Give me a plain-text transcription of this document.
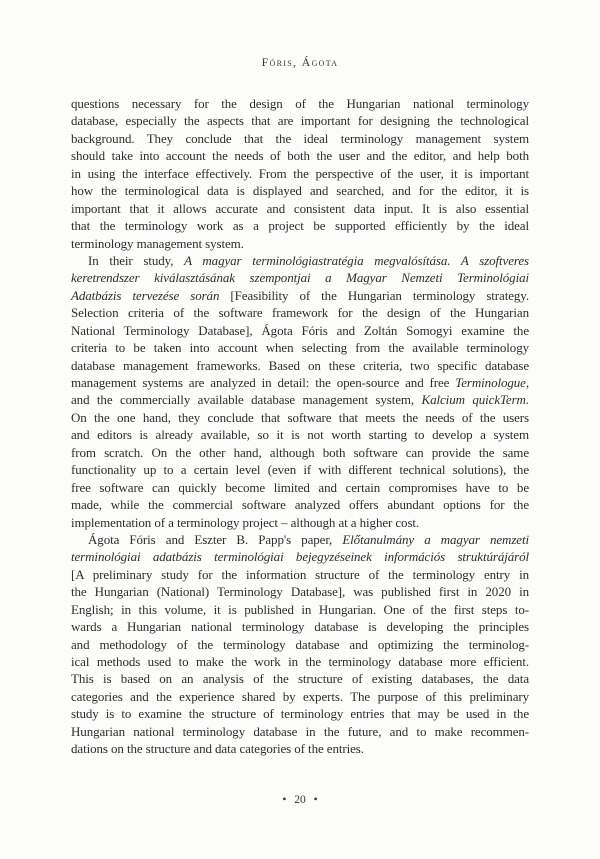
Fóris, Ágota
questions necessary for the design of the Hungarian national terminology
database, especially the aspects that are important for designing the technological
background. They conclude that the ideal terminology management system
should take into account the needs of both the user and the editor, and help both
in using the interface effectively. From the perspective of the user, it is important
how the terminological data is displayed and searched, and for the editor, it is
important that it allows accurate and consistent data input. It is also essential
that the terminology work as a project be supported efficiently by the ideal
terminology management system.
In their study, A magyar terminológiastratégia megvalósítása. A szoftveres
keretrendszer kiválasztásának szempontjai a Magyar Nemzeti Terminológiai
Adatbázis tervezése során [Feasibility of the Hungarian terminology strategy.
Selection criteria of the software framework for the design of the Hungarian
National Terminology Database], Ágota Fóris and Zoltán Somogyi examine the
criteria to be taken into account when selecting from the available terminology
database management frameworks. Based on these criteria, two specific database
management systems are analyzed in detail: the open-source and free Terminologue,
and the commercially available database management system, Kalcium quickTerm.
On the one hand, they conclude that software that meets the needs of the users
and editors is already available, so it is not worth starting to develop a system
from scratch. On the other hand, although both software can provide the same
functionality up to a certain level (even if with different technical solutions), the
free software can quickly become limited and certain compromises have to be
made, while the commercial software analyzed offers abundant options for the
implementation of a terminology project – although at a higher cost.
Ágota Fóris and Eszter B. Papp's paper, Előtanulmány a magyar nemzeti
terminológiai adatbázis terminológiai bejegyzéseinek információs struktúrájáról
[A preliminary study for the information structure of the terminology entry in
the Hungarian (National) Terminology Database], was published first in 2020 in
English; in this volume, it is published in Hungarian. One of the first steps to-
wards a Hungarian national terminology database is developing the principles
and methodology of the terminology database and optimizing the terminolog-
ical methods used to make the work in the terminology database more efficient.
This is based on an analysis of the structure of existing databases, the data
categories and the experience shared by experts. The purpose of this preliminary
study is to examine the structure of terminology entries that may be used in the
Hungarian national terminology database in the future, and to make recommen-
dations on the structure and data categories of the entries.
• 20 •
